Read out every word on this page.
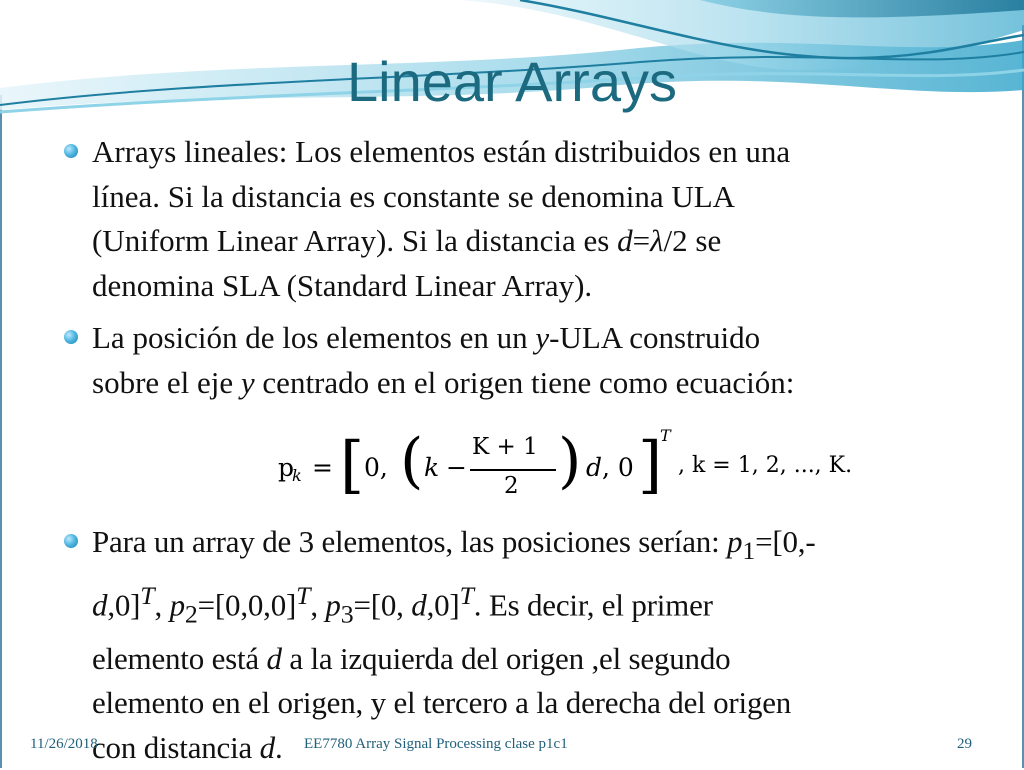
Linear Arrays
Arrays lineales: Los elementos están distribuidos en una
línea. Si la distancia es constante se denomina ULA
(Uniform Linear Array). Si la distancia es d=λ/2 se
denomina SLA (Standard Linear Array).
La posición de los elementos en un y-ULA construido
sobre el eje y centrado en el origen tiene como ecuación:
p
k = [ 0, ( k −
K + 1
2 ) d , 0 ]
T
, k = 1, 2, ..., K.
Para un array de 3 elementos, las posiciones serían: $p_1=[0,-$
d,0]$^T$, $p_2=[0,0,0]^T$, $p_3=[0$, d,0]$^T$. Es decir, el primer
elemento está d a la izquierda del origen ,el segundo
elemento en el origen, y el tercero a la derecha del origen
con distancia d.
11/26/2018	EE7780 Array Signal Processing clase p1c1	29
